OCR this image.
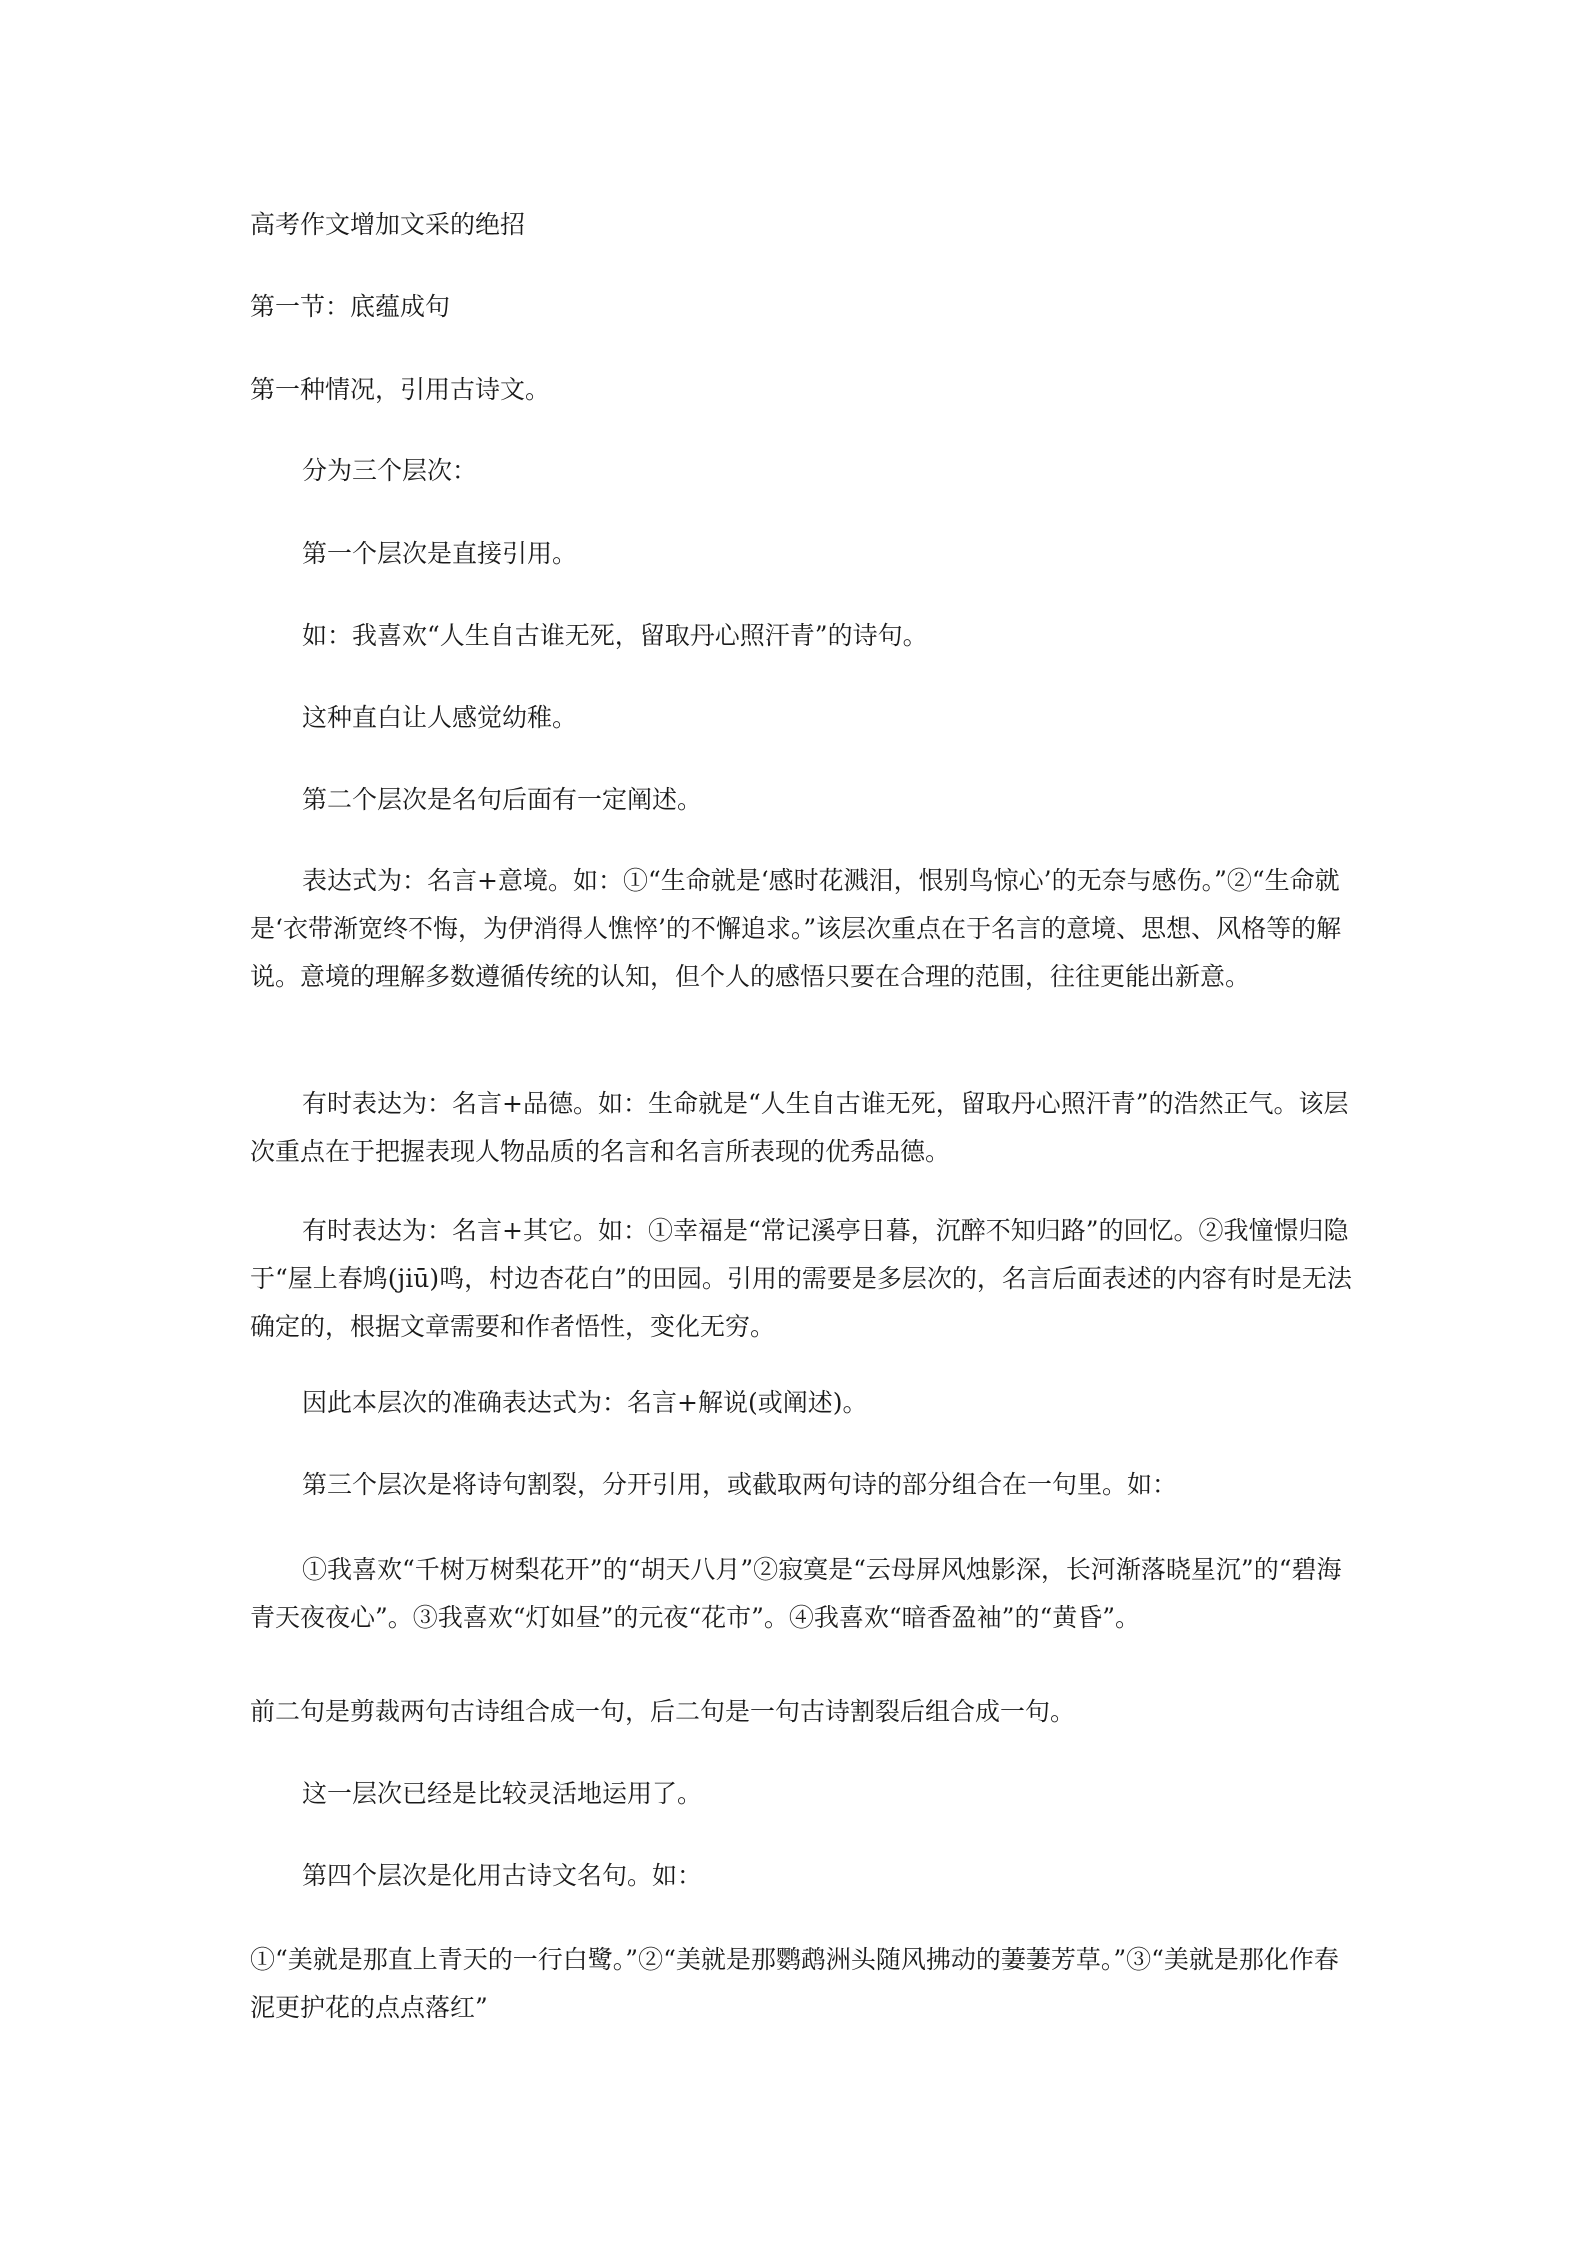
高考作文增加文采的绝招

第一节：底蕴成句

第一种情况，引用古诗文。

分为三个层次：

第一个层次是直接引用。

如：我喜欢“人生自古谁无死，留取丹心照汗青”的诗句。

这种直白让人感觉幼稚。

第二个层次是名句后面有一定阐述。

表达式为：名言+意境。如：①“生命就是‘感时花溅泪，恨别鸟惊心’的无奈与感伤。”②“生命就是‘衣带渐宽终不悔，为伊消得人憔悴’的不懈追求。”该层次重点在于名言的意境、思想、风格等的解说。意境的理解多数遵循传统的认知，但个人的感悟只要在合理的范围，往往更能出新意。

有时表达为：名言+品德。如：生命就是“人生自古谁无死，留取丹心照汗青”的浩然正气。该层次重点在于把握表现人物品质的名言和名言所表现的优秀品德。

有时表达为：名言+其它。如：①幸福是“常记溪亭日暮，沉醉不知归路”的回忆。②我憧憬归隐于“屋上春鸠(jiū)鸣，村边杏花白”的田园。引用的需要是多层次的，名言后面表述的内容有时是无法确定的，根据文章需要和作者悟性，变化无穷。

因此本层次的准确表达式为：名言+解说(或阐述)。

第三个层次是将诗句割裂，分开引用，或截取两句诗的部分组合在一句里。如：

①我喜欢“千树万树梨花开”的“胡天八月”②寂寞是“云母屏风烛影深，长河渐落晓星沉”的“碧海青天夜夜心”。③我喜欢“灯如昼”的元夜“花市”。④我喜欢“暗香盈袖”的“黄昏”。

前二句是剪裁两句古诗组合成一句，后二句是一句古诗割裂后组合成一句。

这一层次已经是比较灵活地运用了。

第四个层次是化用古诗文名句。如：

①“美就是那直上青天的一行白鹭。”②“美就是那鹦鹉洲头随风拂动的萋萋芳草。”③“美就是那化作春泥更护花的点点落红”
